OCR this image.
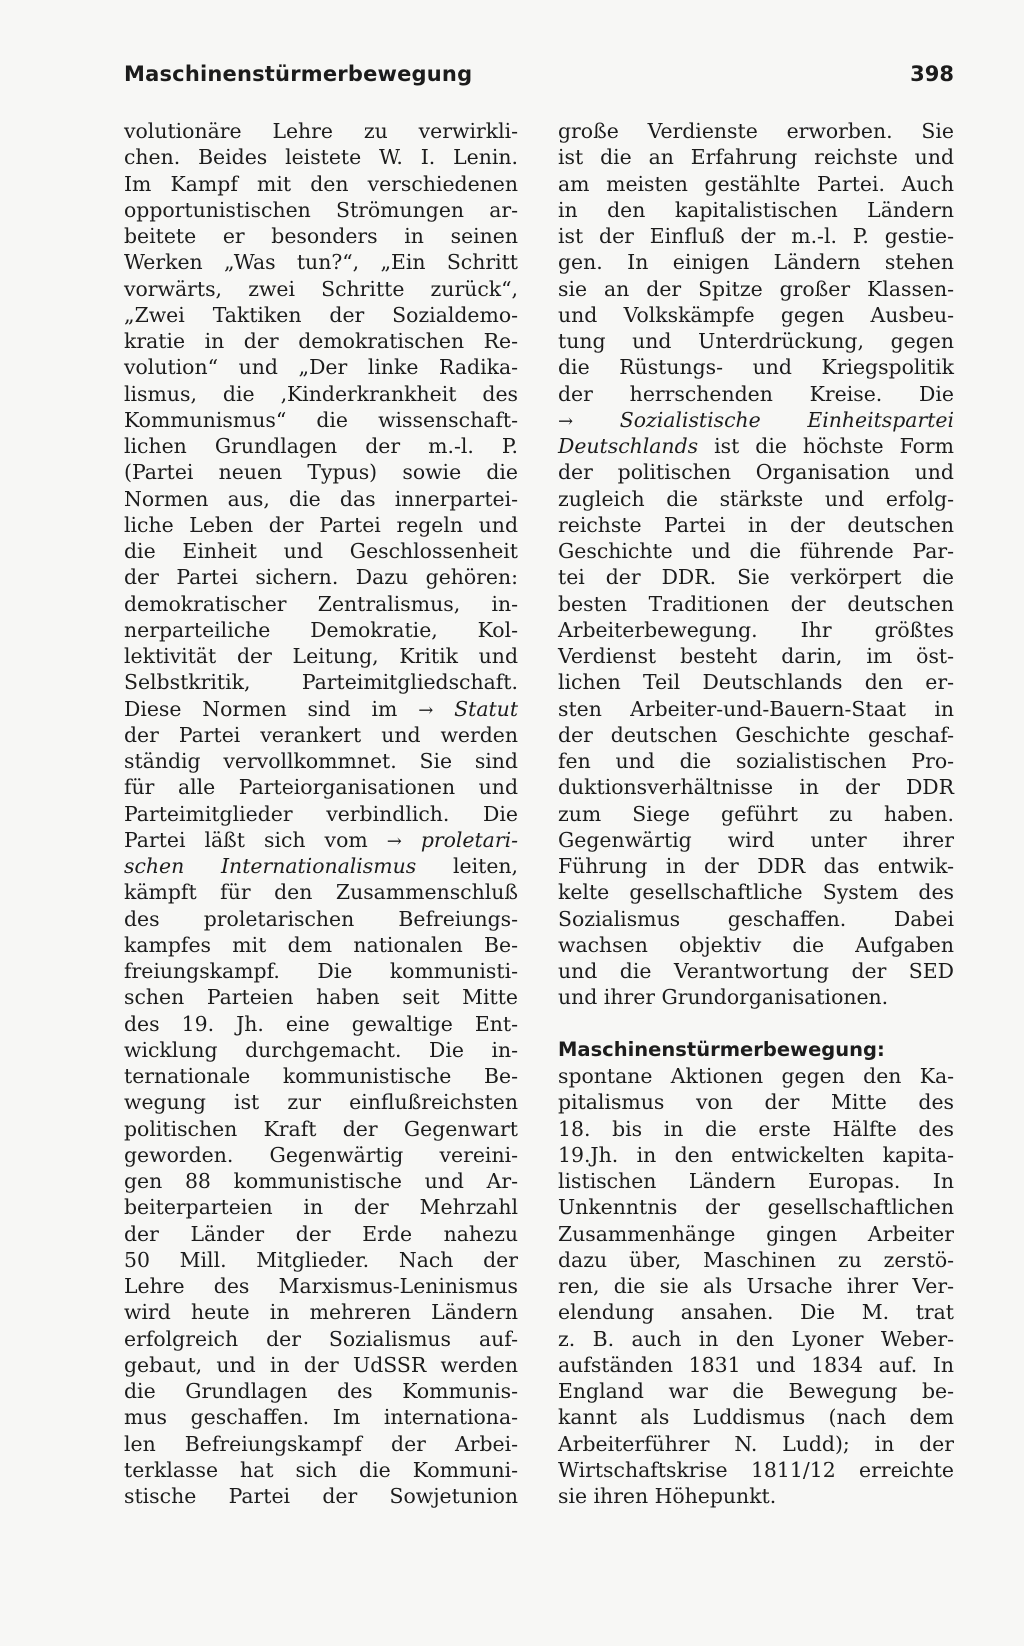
Maschinenstürmerbewegung	398
volutionäre Lehre zu verwirkli-
chen. Beides leistete W. I. Lenin.
Im Kampf mit den verschiedenen
opportunistischen Strömungen ar-
beitete er besonders in seinen
Werken „Was tun?“, „Ein Schritt
vorwärts, zwei Schritte zurück“,
„Zwei Taktiken der Sozialdemo-
kratie in der demokratischen Re-
volution“ und „Der linke Radika-
lismus, die ‚Kinderkrankheit des
Kommunismus“ die wissenschaft-
lichen Grundlagen der m.-l. P.
(Partei neuen Typus) sowie die
Normen aus, die das innerpartei-
liche Leben der Partei regeln und
die Einheit und Geschlossenheit
der Partei sichern. Dazu gehören:
demokratischer Zentralismus, in-
nerparteiliche Demokratie, Kol-
lektivität der Leitung, Kritik und
Selbstkritik, Parteimitgliedschaft.
Diese Normen sind im → Statut
der Partei verankert und werden
ständig vervollkommnet. Sie sind
für alle Parteiorganisationen und
Parteimitglieder verbindlich. Die
Partei läßt sich vom → proletari-
schen Internationalismus leiten,
kämpft für den Zusammenschluß
des proletarischen Befreiungs-
kampfes mit dem nationalen Be-
freiungskampf. Die kommunisti-
schen Parteien haben seit Mitte
des 19. Jh. eine gewaltige Ent-
wicklung durchgemacht. Die in-
ternationale kommunistische Be-
wegung ist zur einflußreichsten
politischen Kraft der Gegenwart
geworden. Gegenwärtig vereini-
gen 88 kommunistische und Ar-
beiterparteien in der Mehrzahl
der Länder der Erde nahezu
50 Mill. Mitglieder. Nach der
Lehre des Marxismus-Leninismus
wird heute in mehreren Ländern
erfolgreich der Sozialismus auf-
gebaut, und in der UdSSR werden
die Grundlagen des Kommunis-
mus geschaffen. Im internationa-
len Befreiungskampf der Arbei-
terklasse hat sich die Kommuni-
stische Partei der Sowjetunion
große Verdienste erworben. Sie
ist die an Erfahrung reichste und
am meisten gestählte Partei. Auch
in den kapitalistischen Ländern
ist der Einfluß der m.-l. P. gestie-
gen. In einigen Ländern stehen
sie an der Spitze großer Klassen-
und Volkskämpfe gegen Ausbeu-
tung und Unterdrückung, gegen
die Rüstungs- und Kriegspolitik
der herrschenden Kreise. Die
→ Sozialistische Einheitspartei
Deutschlands ist die höchste Form
der politischen Organisation und
zugleich die stärkste und erfolg-
reichste Partei in der deutschen
Geschichte und die führende Par-
tei der DDR. Sie verkörpert die
besten Traditionen der deutschen
Arbeiterbewegung. Ihr größtes
Verdienst besteht darin, im öst-
lichen Teil Deutschlands den er-
sten Arbeiter-und-Bauern-Staat in
der deutschen Geschichte geschaf-
fen und die sozialistischen Pro-
duktionsverhältnisse in der DDR
zum Siege geführt zu haben.
Gegenwärtig wird unter ihrer
Führung in der DDR das entwik-
kelte gesellschaftliche System des
Sozialismus geschaffen. Dabei
wachsen objektiv die Aufgaben
und die Verantwortung der SED
und ihrer Grundorganisationen.
Maschinenstürmerbewegung:
spontane Aktionen gegen den Ka-
pitalismus von der Mitte des
18. bis in die erste Hälfte des
19.Jh. in den entwickelten kapita-
listischen Ländern Europas. In
Unkenntnis der gesellschaftlichen
Zusammenhänge gingen Arbeiter
dazu über, Maschinen zu zerstö-
ren, die sie als Ursache ihrer Ver-
elendung ansahen. Die M. trat
z. B. auch in den Lyoner Weber-
aufständen 1831 und 1834 auf. In
England war die Bewegung be-
kannt als Luddismus (nach dem
Arbeiterführer N. Ludd); in der
Wirtschaftskrise 1811/12 erreichte
sie ihren Höhepunkt.
